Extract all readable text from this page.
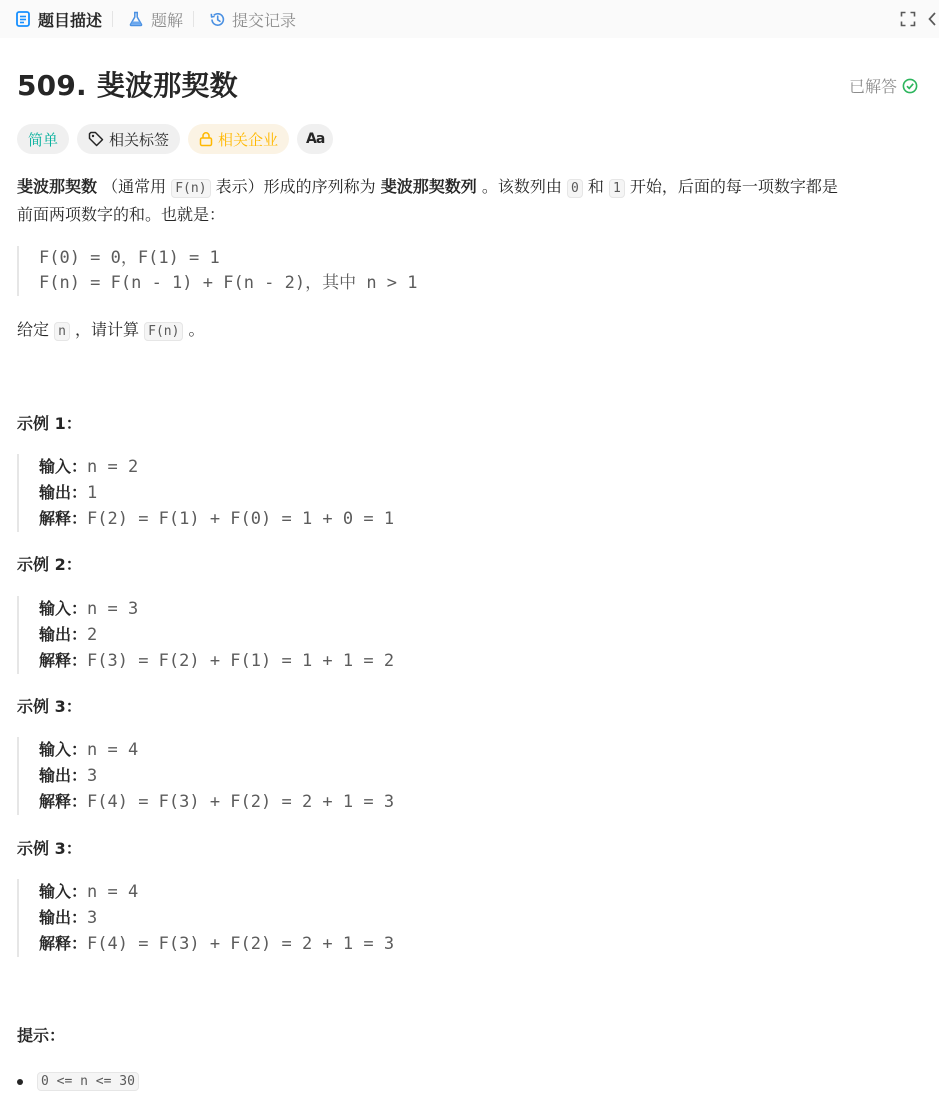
题目描述	题解	提交记录
509. 斐波那契数	已解答
简单	相关标签	相关企业 Aa
斐波那契数 （通常用 F(n) 表示）形成的序列称为 斐波那契数列 。该数列由 0 和 1 开始，后面的每一项数字都是
前面两项数字的和。也就是：
F(0) = 0，F(1) = 1
F(n) = F(n - 1) + F(n - 2)，其中 n > 1
给定 n ，请计算 F(n) 。
示例 1：
输入：n = 2
输出：1
解释：F(2) = F(1) + F(0) = 1 + 0 = 1
示例 2：
输入：n = 3
输出：2
解释：F(3) = F(2) + F(1) = 1 + 1 = 2
示例 3：
输入：n = 4
输出：3
解释：F(4) = F(3) + F(2) = 2 + 1 = 3
示例 3：
输入：n = 4
输出：3
解释：F(4) = F(3) + F(2) = 2 + 1 = 3
提示：
0 <= n <= 30
